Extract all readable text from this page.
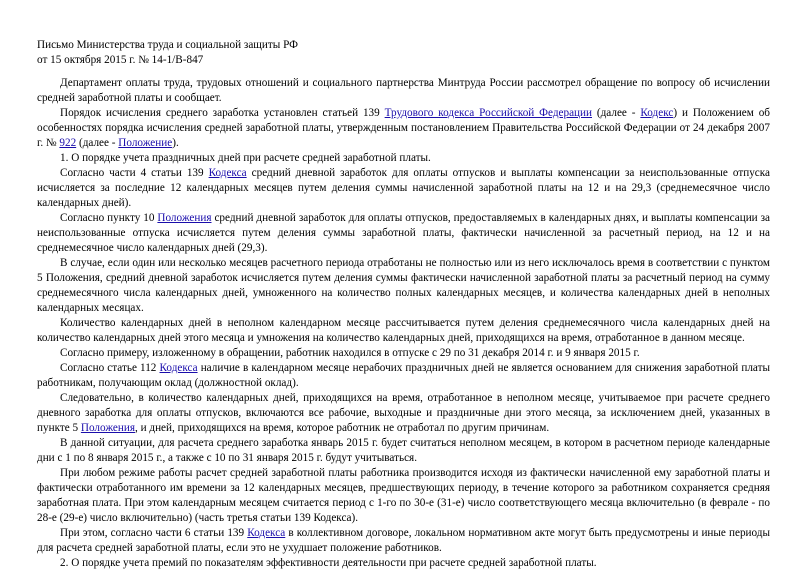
Письмо Министерства труда и социальной защиты РФ

от 15 октября 2015 г. № 14-1/В-847

Департамент оплаты труда, трудовых отношений и социального партнерства Минтруда России рассмотрел обращение по вопросу об исчислении средней заработной платы и сообщает.

Порядок исчисления среднего заработка установлен статьей 139 Трудового кодекса Российской Федерации (далее - Кодекс) и Положением об особенностях порядка исчисления средней заработной платы, утвержденным постановлением Правительства Российской Федерации от 24 декабря 2007 г. № 922 (далее - Положение).

1. О порядке учета праздничных дней при расчете средней заработной платы.

Согласно части 4 статьи 139 Кодекса средний дневной заработок для оплаты отпусков и выплаты компенсации за неиспользованные отпуска исчисляется за последние 12 календарных месяцев путем деления суммы начисленной заработной платы на 12 и на 29,3 (среднемесячное число календарных дней).

Согласно пункту 10 Положения средний дневной заработок для оплаты отпусков, предоставляемых в календарных днях, и выплаты компенсации за неиспользованные отпуска исчисляется путем деления суммы заработной платы, фактически начисленной за расчетный период, на 12 и на среднемесячное число календарных дней (29,3).

В случае, если один или несколько месяцев расчетного периода отработаны не полностью или из него исключалось время в соответствии с пунктом 5 Положения, средний дневной заработок исчисляется путем деления суммы фактически начисленной заработной платы за расчетный период на сумму среднемесячного числа календарных дней, умноженного на количество полных календарных месяцев, и количества календарных дней в неполных календарных месяцах.

Количество календарных дней в неполном календарном месяце рассчитывается путем деления среднемесячного числа календарных дней на количество календарных дней этого месяца и умножения на количество календарных дней, приходящихся на время, отработанное в данном месяце.

Согласно примеру, изложенному в обращении, работник находился в отпуске с 29 по 31 декабря 2014 г. и 9 января 2015 г.

Согласно статье 112 Кодекса наличие в календарном месяце нерабочих праздничных дней не является основанием для снижения заработной платы работникам, получающим оклад (должностной оклад).

Следовательно, в количество календарных дней, приходящихся на время, отработанное в неполном месяце, учитываемое при расчете среднего дневного заработка для оплаты отпусков, включаются все рабочие, выходные и праздничные дни этого месяца, за исключением дней, указанных в пункте 5 Положения, и дней, приходящихся на время, которое работник не отработал по другим причинам.

В данной ситуации, для расчета среднего заработка январь 2015 г. будет считаться неполном месяцем, в котором в расчетном периоде календарные дни с 1 по 8 января 2015 г., а также с 10 по 31 января 2015 г. будут учитываться.

При любом режиме работы расчет средней заработной платы работника производится исходя из фактически начисленной ему заработной платы и фактически отработанного им времени за 12 календарных месяцев, предшествующих периоду, в течение которого за работником сохраняется средняя заработная плата. При этом календарным месяцем считается период с 1-го по 30-е (31-е) число соответствующего месяца включительно (в феврале - по 28-е (29-е) число включительно) (часть третья статьи 139 Кодекса).

При этом, согласно части 6 статьи 139 Кодекса в коллективном договоре, локальном нормативном акте могут быть предусмотрены и иные периоды для расчета средней заработной платы, если это не ухудшает положение работников.

2. О порядке учета премий по показателям эффективности деятельности при расчете средней заработной платы.
